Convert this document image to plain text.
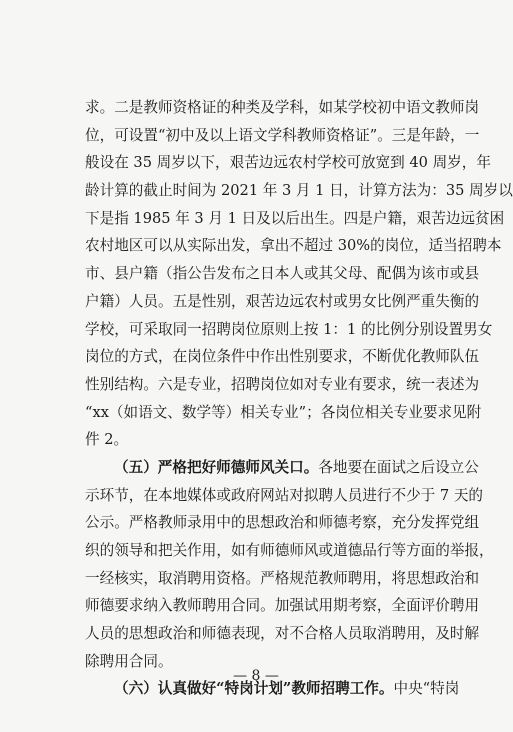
求。二是教师资格证的种类及学科，如某学校初中语文教师岗
位，可设置“初中及以上语文学科教师资格证”。三是年龄，一
般设在 35 周岁以下，艰苦边远农村学校可放宽到 40 周岁，年
龄计算的截止时间为 2021 年 3 月 1 日，计算方法为：35 周岁以
下是指 1985 年 3 月 1 日及以后出生。四是户籍，艰苦边远贫困
农村地区可以从实际出发，拿出不超过 30%的岗位，适当招聘本
市、县户籍（指公告发布之日本人或其父母、配偶为该市或县
户籍）人员。五是性别，艰苦边远农村或男女比例严重失衡的
学校，可采取同一招聘岗位原则上按 1：1 的比例分别设置男女
岗位的方式，在岗位条件中作出性别要求，不断优化教师队伍
性别结构。六是专业，招聘岗位如对专业有要求，统一表述为
“xx（如语文、数学等）相关专业”；各岗位相关专业要求见附
件 2。
（五）严格把好师德师风关口。各地要在面试之后设立公
示环节，在本地媒体或政府网站对拟聘人员进行不少于 7 天的
公示。严格教师录用中的思想政治和师德考察，充分发挥党组
织的领导和把关作用，如有师德师风或道德品行等方面的举报，
一经核实，取消聘用资格。严格规范教师聘用，将思想政治和
师德要求纳入教师聘用合同。加强试用期考察，全面评价聘用
人员的思想政治和师德表现，对不合格人员取消聘用，及时解
除聘用合同。
（六）认真做好“特岗计划”教师招聘工作。中央“特岗
— 8 —
